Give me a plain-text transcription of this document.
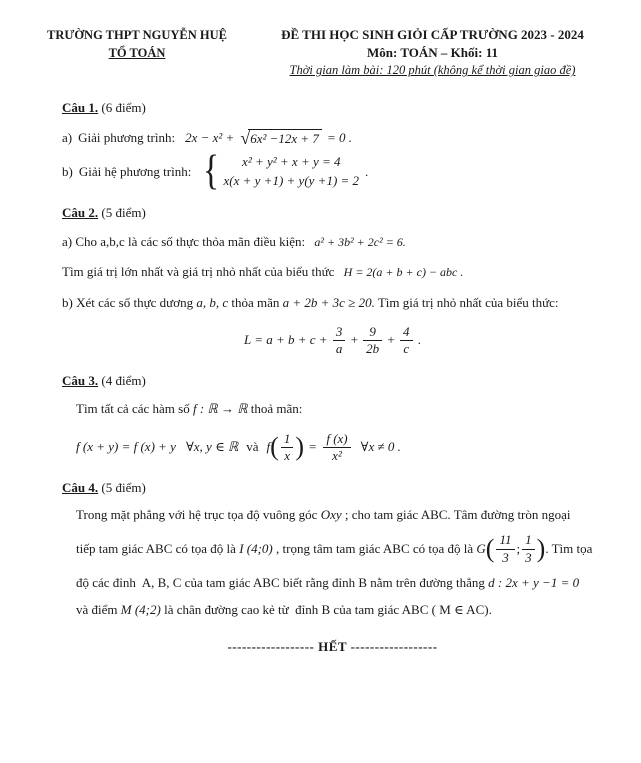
TRƯỜNG THPT NGUYỄN HUỆ
TỔ TOÁN
ĐỀ THI HỌC SINH GIỎI CẤP TRƯỜNG 2023 - 2024
Môn: TOÁN – Khối: 11
Thời gian làm bài: 120 phút (không kể thời gian giao đề)
Câu 1. (6 điểm)
a) Giải phương trình: 2x − x² + √ 6x² −12x + 7 = 0 .
b) Giải hệ phương trình: {	x² + y² + x + y = 4
x(x + y +1) + y(y +1) = 2
.
Câu 2. (5 điểm)
a) Cho a,b,c là các số thực thỏa mãn điều kiện: a² + 3b² + 2c² = 6.
Tìm giá trị lớn nhất và giá trị nhỏ nhất của biểu thức H = 2(a + b + c) − abc .
b) Xét các số thực dương a, b, c thỏa mãn a + 2b + 3c ≥ 20. Tìm giá trị nhỏ nhất của biểu thức:
$L = a + b + c + \frac{3}{a} + \frac{9}{2b} + \frac{4}{c}$ .
Câu 3. (4 điểm)
Tìm tất cả các hàm số f : ℝ → ℝ thoả mãn:
f (x + y) = f (x) + y ∀x, y ∈ ℝ và f ( $\frac{1}{x}$ ) = $\frac{f (x)}{\text{x²}}$ ∀x ≠ 0 .
Câu 4. (5 điểm)
Trong mặt phẳng với hệ trục tọa độ vuông góc Oxy ; cho tam giác ABC. Tâm đường tròn ngoại
tiếp tam giác ABC có tọa độ là I (4;0) , trọng tâm tam giác ABC có tọa độ là G ( $\frac{11}{3}$ ; $\frac{1}{3}$ ) . Tìm tọa
độ các đỉnh  A, B, C của tam giác ABC biết rằng đỉnh B nằm trên đường thẳng d : 2x + y −1 = 0
và điểm M (4;2) là chân đường cao kẻ từ  đỉnh B của tam giác ABC ( M ∈ AC).
------------------ HẾT ------------------
